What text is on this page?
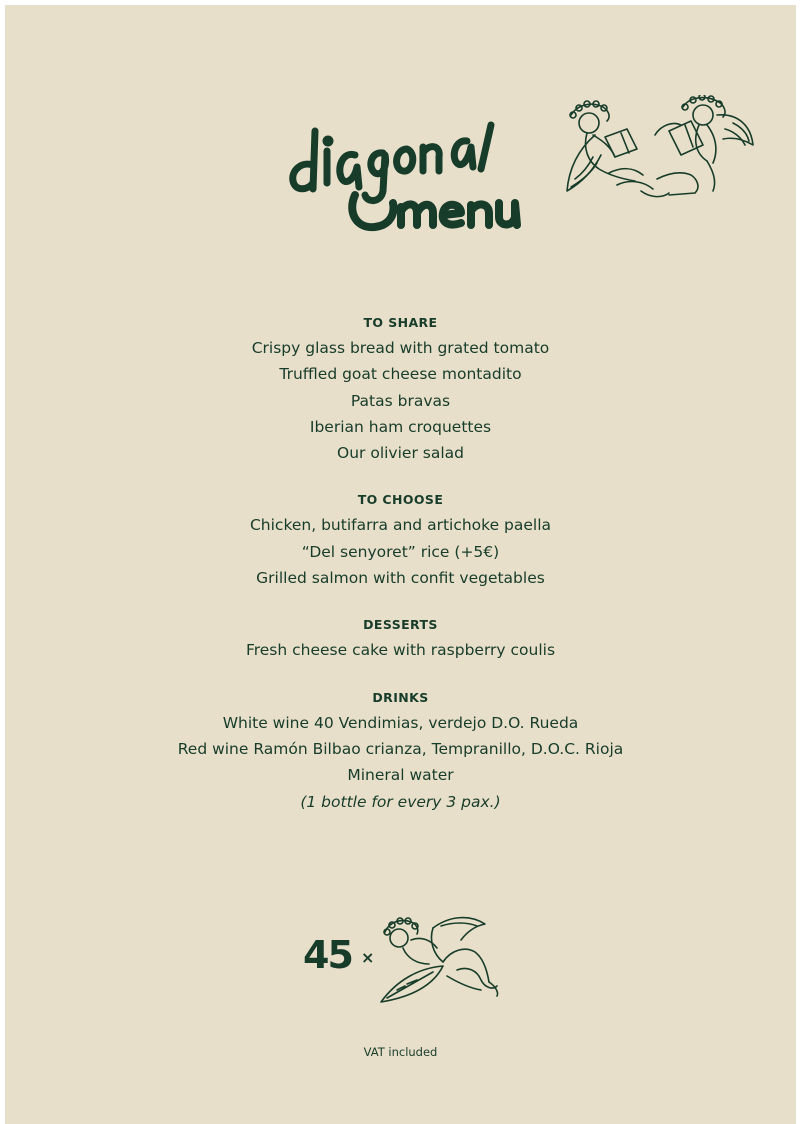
TO SHARE

Crispy glass bread with grated tomato

Truffled goat cheese montadito

Patas bravas

Iberian ham croquettes

Our olivier salad

TO CHOOSE

Chicken, butifarra and artichoke paella

“Del senyoret” rice (+5€)

Grilled salmon with confit vegetables

DESSERTS

Fresh cheese cake with raspberry coulis

DRINKS

White wine 40 Vendimias, verdejo D.O. Rueda

Red wine Ramón Bilbao crianza, Tempranillo, D.O.C. Rioja

Mineral water

(1 bottle for every 3 pax.)

45 ×
VAT included
